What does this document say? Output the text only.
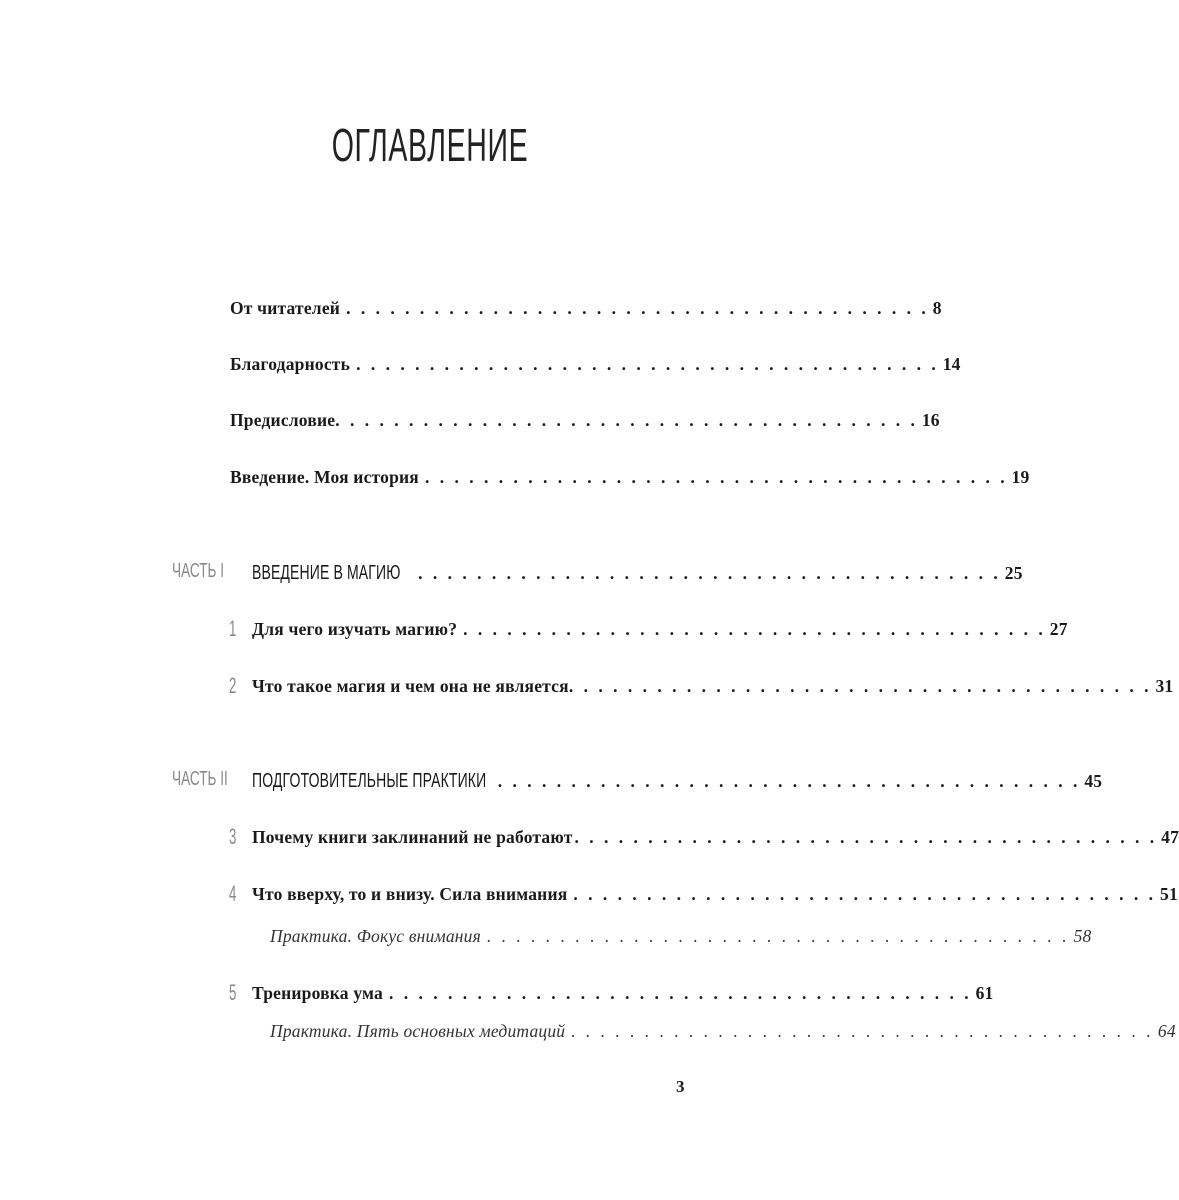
ОГЛАВЛЕНИЕ
От читателей . . . . . . . . . . . . . . . . . . . . . . . . . . . . . . . . . . . . . . . . 8
Благодарность . . . . . . . . . . . . . . . . . . . . . . . . . . . . . . . . . . . . . . . . 14
Предисловие . . . . . . . . . . . . . . . . . . . . . . . . . . . . . . . . . . . . . . . . 16
Введение. Моя история . . . . . . . . . . . . . . . . . . . . . . . . . . . . . . . . . . . . . . . . 19
ЧАСТЬ I ВВЕДЕНИЕ В МАГИЮ . . . . . . . . . . . . . . . . . . . . . . . . . . . . . . . . . . . . . . . . 25
1 Для чего изучать магию? . . . . . . . . . . . . . . . . . . . . . . . . . . . . . . . . . . . . . . . . 27
2 Что такое магия и чем она не является . . . . . . . . . . . . . . . . . . . . . . . . . . . . . . . . . . . . . . . . 31
ЧАСТЬ II ПОДГОТОВИТЕЛЬНЫЕ ПРАКТИКИ . . . . . . . . . . . . . . . . . . . . . . . . . . . . . . . . . . . . . . . . 45
3 Почему книги заклинаний не работают . . . . . . . . . . . . . . . . . . . . . . . . . . . . . . . . . . . . . . . . 47
4 Что вверху, то и внизу. Сила внимания . . . . . . . . . . . . . . . . . . . . . . . . . . . . . . . . . . . . . . . . 51
Практика. Фокус внимания . . . . . . . . . . . . . . . . . . . . . . . . . . . . . . . . . . . . . . . . 58
5 Тренировка ума . . . . . . . . . . . . . . . . . . . . . . . . . . . . . . . . . . . . . . . . 61
Практика. Пять основных медитаций . . . . . . . . . . . . . . . . . . . . . . . . . . . . . . . . . . . . . . . . 64
3
